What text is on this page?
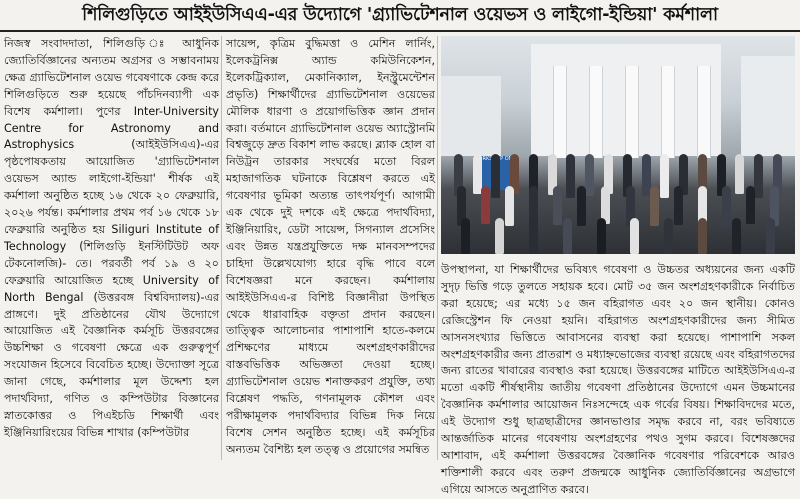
শিলিগুড়িতে আইইউসিএএ-এর উদ্যোগে 'গ্র্যাভিটেশনাল ওয়েভস ও লাইগো-ইন্ডিয়া' কর্মশালা

নিজস্ব সংবাদদাতা, শিলিগুড়ি ঃ আধুনিক জ্যোতির্বিজ্ঞানের অন্যতম অগ্রসর ও সম্ভাবনাময় ক্ষেত্র গ্র্যাভিটেশনাল ওয়েভ গবেষণাকে কেন্দ্র করে শিলিগুড়িতে শুরু হয়েছে পাঁচদিনব্যাপী এক বিশেষ কর্মশালা। পুণের Inter-University Centre for Astronomy and Astrophysics (আইইউসিএএ)-এর পৃষ্ঠপোষকতায় আয়োজিত 'গ্র্যাভিটেশনাল ওয়েভস অ্যান্ড লাইগো-ইন্ডিয়া' শীর্ষক এই কর্মশালা অনুষ্ঠিত হচ্ছে ১৬ থেকে ২০ ফেব্রুয়ারি, ২০২৬ পর্যন্ত। কর্মশালার প্রথম পর্ব ১৬ থেকে ১৮ ফেব্রুয়ারি অনুষ্ঠিত হয় Siliguri Institute of Technology (শিলিগুড়ি ইনস্টিটিউট অফ টেকনোলজি)- তে। পরবর্তী পর্ব ১৯ ও ২০ ফেব্রুয়ারি আয়োজিত হচ্ছে University of North Bengal (উত্তরবঙ্গ বিশ্ববিদ্যালয়)-এর প্রাঙ্গণে। দুই প্রতিষ্ঠানের যৌথ উদ্যোগে আয়োজিত এই বৈজ্ঞানিক কর্মসূচি উত্তরবঙ্গের উচ্চশিক্ষা ও গবেষণা ক্ষেত্রে এক গুরুত্বপূর্ণ সংযোজন হিসেবে বিবেচিত হচ্ছে। উদ্যোক্তা সূত্রে জানা গেছে, কর্মশালার মূল উদ্দেশ্য হল পদার্থবিদ্যা, গণিত ও কম্পিউটার বিজ্ঞানের স্নাতকোত্তর ও পিএইচডি শিক্ষার্থী এবং ইঞ্জিনিয়ারিংয়ের বিভিন্ন শাখার (কম্পিউটার

সায়েন্স, কৃত্রিম বুদ্ধিমত্তা ও মেশিন লার্নিং, ইলেকট্রনিক্স অ্যান্ড কমিউনিকেশন, ইলেকট্রিক্যাল, মেকানিক্যাল, ইনস্ট্রুমেন্টেশন প্রভৃতি) শিক্ষার্থীদের গ্র্যাভিটেশনাল ওয়েভের মৌলিক ধারণা ও প্রয়োগভিত্তিক জ্ঞান প্রদান করা। বর্তমানে গ্র্যাভিটেশনাল ওয়েভ অ্যাস্ট্রোনমি বিশ্বজুড়ে দ্রুত বিকাশ লাভ করছে। ব্ল্যাক হোল বা নিউট্রন তারকার সংঘর্ষের মতো বিরল মহাজাগতিক ঘটনাকে বিশ্লেষণ করতে এই গবেষণার ভূমিকা অত্যন্ত তাৎপর্যপূর্ণ। আগামী এক থেকে দুই দশকে এই ক্ষেত্রে পদার্থবিদ্যা, ইঞ্জিনিয়ারিং, ডেটা সায়েন্স, সিগন্যাল প্রসেসিং এবং উন্নত যন্ত্রপ্রযুক্তিতে দক্ষ মানবসম্পদের চাহিদা উল্লেখযোগ্য হারে বৃদ্ধি পাবে বলে বিশেষজ্ঞরা মনে করছেন। কর্মশালায় আইইউসিএএ-র বিশিষ্ট বিজ্ঞানীরা উপস্থিত থেকে ধারাবাহিক বক্তৃতা প্রদান করছেন। তাত্ত্বিক আলোচনার পাশাপাশি হাতে-কলমে প্রশিক্ষণের মাধ্যমে অংশগ্রহণকারীদের বাস্তবভিত্তিক অভিজ্ঞতা দেওয়া হচ্ছে। গ্র্যাভিটেশনাল ওয়েভ শনাক্তকরণ প্রযুক্তি, তথ্য বিশ্লেষণ পদ্ধতি, গণনামূলক কৌশল এবং পরীক্ষামূলক পদার্থবিদ্যার বিভিন্ন দিক নিয়ে বিশেষ সেশন অনুষ্ঠিত হচ্ছে। এই কর্মসূচির অন্যতম বৈশিষ্ট্য হল তত্ত্ব ও প্রয়োগের সমন্বিত

WORKSHOP ON

উপস্থাপনা, যা শিক্ষার্থীদের ভবিষ্যৎ গবেষণা ও উচ্চতর অধ্যয়নের জন্য একটি সুদৃঢ় ভিত্তি গড়ে তুলতে সহায়ক হবে। মোট ৩৫ জন অংশগ্রহণকারীকে নির্বাচিত করা হয়েছে; এর মধ্যে ১৫ জন বহিরাগত এবং ২০ জন স্থানীয়। কোনও রেজিস্ট্রেশন ফি নেওয়া হয়নি। বহিরাগত অংশগ্রহণকারীদের জন্য সীমিত আসনসংখ্যার ভিত্তিতে আবাসনের ব্যবস্থা করা হয়েছে। পাশাপাশি সকল অংশগ্রহণকারীর জন্য প্রাতরাশ ও মধ্যাহ্নভোজের ব্যবস্থা রয়েছে এবং বহিরাগতদের জন্য রাতের খাবারের ব্যবস্থাও করা হয়েছে। উত্তরবঙ্গের মাটিতে আইইউসিএএ-র মতো একটি শীর্ষস্থানীয় জাতীয় গবেষণা প্রতিষ্ঠানের উদ্যোগে এমন উচ্চমানের বৈজ্ঞানিক কর্মশালার আয়োজন নিঃসন্দেহে এক গর্বের বিষয়। শিক্ষাবিদদের মতে, এই উদ্যোগ শুধু ছাত্রছাত্রীদের জ্ঞানভাণ্ডার সমৃদ্ধ করবে না, বরং ভবিষ্যতে আন্তর্জাতিক মানের গবেষণায় অংশগ্রহণের পথও সুগম করবে। বিশেষজ্ঞদের আশাবাদ, এই কর্মশালা উত্তরবঙ্গের বৈজ্ঞানিক গবেষণার পরিবেশকে আরও শক্তিশালী করবে এবং তরুণ প্রজন্মকে আধুনিক জ্যোতির্বিজ্ঞানের অগ্রভাগে এগিয়ে আসতে অনুপ্রাণিত করবে।
